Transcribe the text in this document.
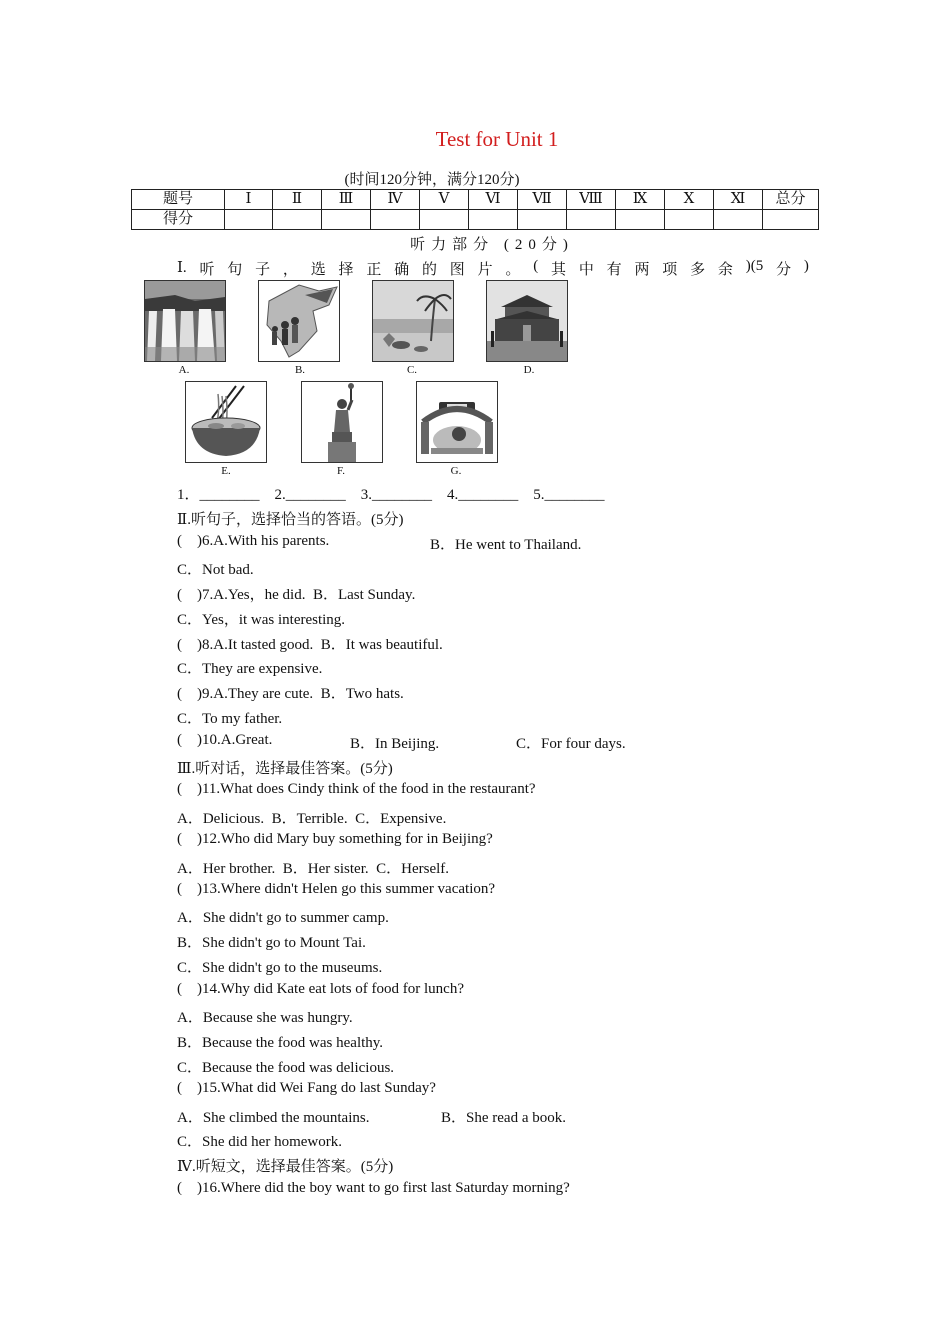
Test for Unit 1
(时间120分钟，满分120分)
题号	Ⅰ	Ⅱ	Ⅲ	Ⅳ	Ⅴ	Ⅵ	Ⅶ	Ⅷ	Ⅸ	Ⅹ	Ⅺ	总分
得分												
听力部分 (20分)
Ⅰ. 听 句 子 ， 选 择 正 确 的 图 片 。 ( 其 中 有 两 项 多 余 )(5 分 )
A.	B.	C.	D.
E.	F.	G.
1．________    2.________    3.________    4.________    5.________
Ⅱ.听句子，选择恰当的答语。(5分)
(    )6.A.With his parents.	B．He went to Thailand.
C．Not bad.
(    )7.A.Yes，he did.  B．Last Sunday.
C．Yes，it was interesting.
(    )8.A.It tasted good.  B．It was beautiful.
C．They are expensive.
(    )9.A.They are cute.  B．Two hats.
C．To my father.
(    )10.A.Great.	B．In Beijing.	C．For four days.
Ⅲ.听对话，选择最佳答案。(5分)
(    )11.What does Cindy think of the food in the restaurant?
A．Delicious.  B．Terrible.  C．Expensive.
(    )12.Who did Mary buy something for in Beijing?
A．Her brother.  B．Her sister.  C．Herself.
(    )13.Where didn't Helen go this summer vacation?
A．She didn't go to summer camp.
B．She didn't go to Mount Tai.
C．She didn't go to the museums.
(    )14.Why did Kate eat lots of food for lunch?
A．Because she was hungry.
B．Because the food was healthy.
C．Because the food was delicious.
(    )15.What did Wei Fang do last Sunday?
A．She climbed the mountains.	B．She read a book.
C．She did her homework.
Ⅳ.听短文，选择最佳答案。(5分)
(    )16.Where did the boy want to go first last Saturday morning?
